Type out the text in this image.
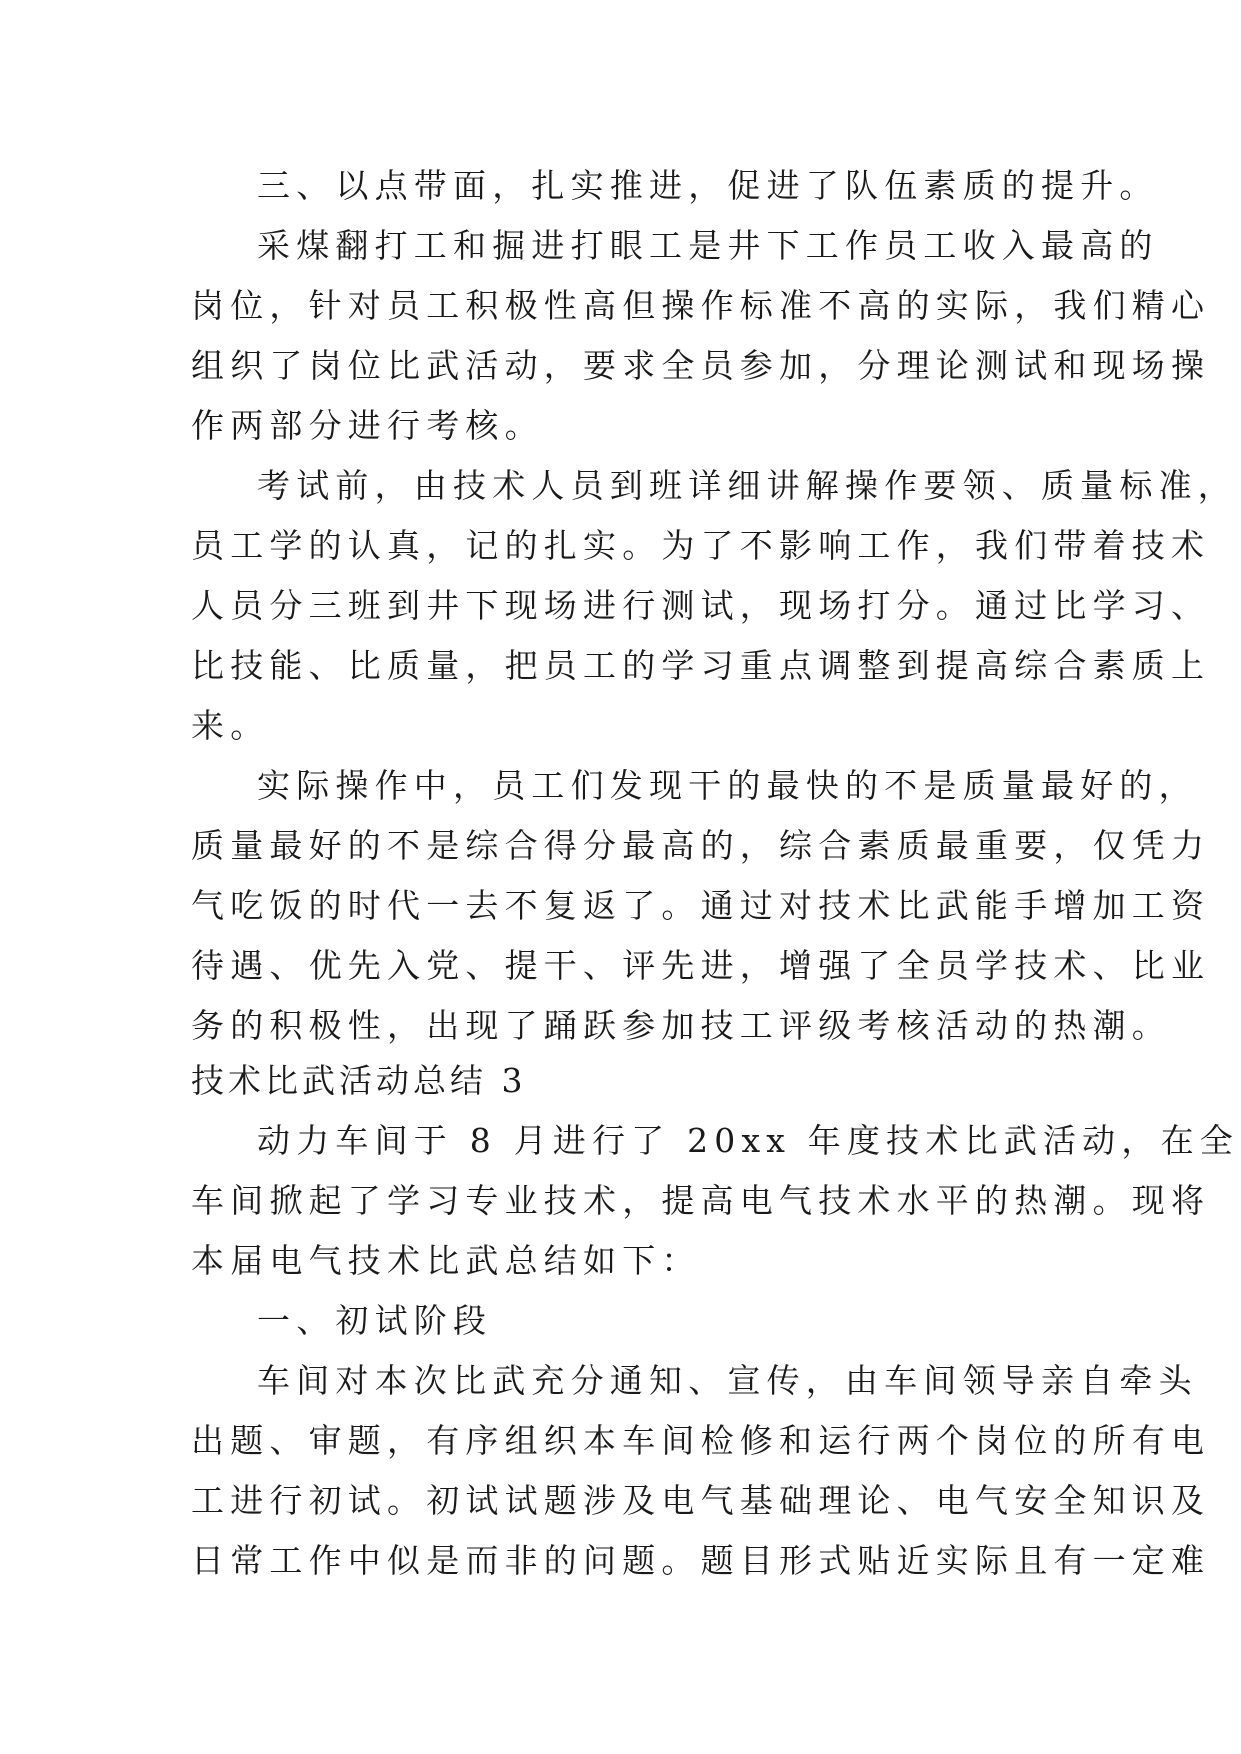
三、以点带面，扎实推进，促进了队伍素质的提升。
采煤翻打工和掘进打眼工是井下工作员工收入最高的
岗位，针对员工积极性高但操作标准不高的实际，我们精心
组织了岗位比武活动，要求全员参加，分理论测试和现场操
作两部分进行考核。
考试前，由技术人员到班详细讲解操作要领、质量标准，
员工学的认真，记的扎实。为了不影响工作，我们带着技术
人员分三班到井下现场进行测试，现场打分。通过比学习、
比技能、比质量，把员工的学习重点调整到提高综合素质上
来。
实际操作中，员工们发现干的最快的不是质量最好的，
质量最好的不是综合得分最高的，综合素质最重要，仅凭力
气吃饭的时代一去不复返了。通过对技术比武能手增加工资
待遇、优先入党、提干、评先进，增强了全员学技术、比业
务的积极性，出现了踊跃参加技工评级考核活动的热潮。
技术比武活动总结 3
动力车间于 8 月进行了 20xx 年度技术比武活动，在全
车间掀起了学习专业技术，提高电气技术水平的热潮。现将
本届电气技术比武总结如下：
一、初试阶段
车间对本次比武充分通知、宣传，由车间领导亲自牵头
出题、审题，有序组织本车间检修和运行两个岗位的所有电
工进行初试。初试试题涉及电气基础理论、电气安全知识及
日常工作中似是而非的问题。题目形式贴近实际且有一定难
